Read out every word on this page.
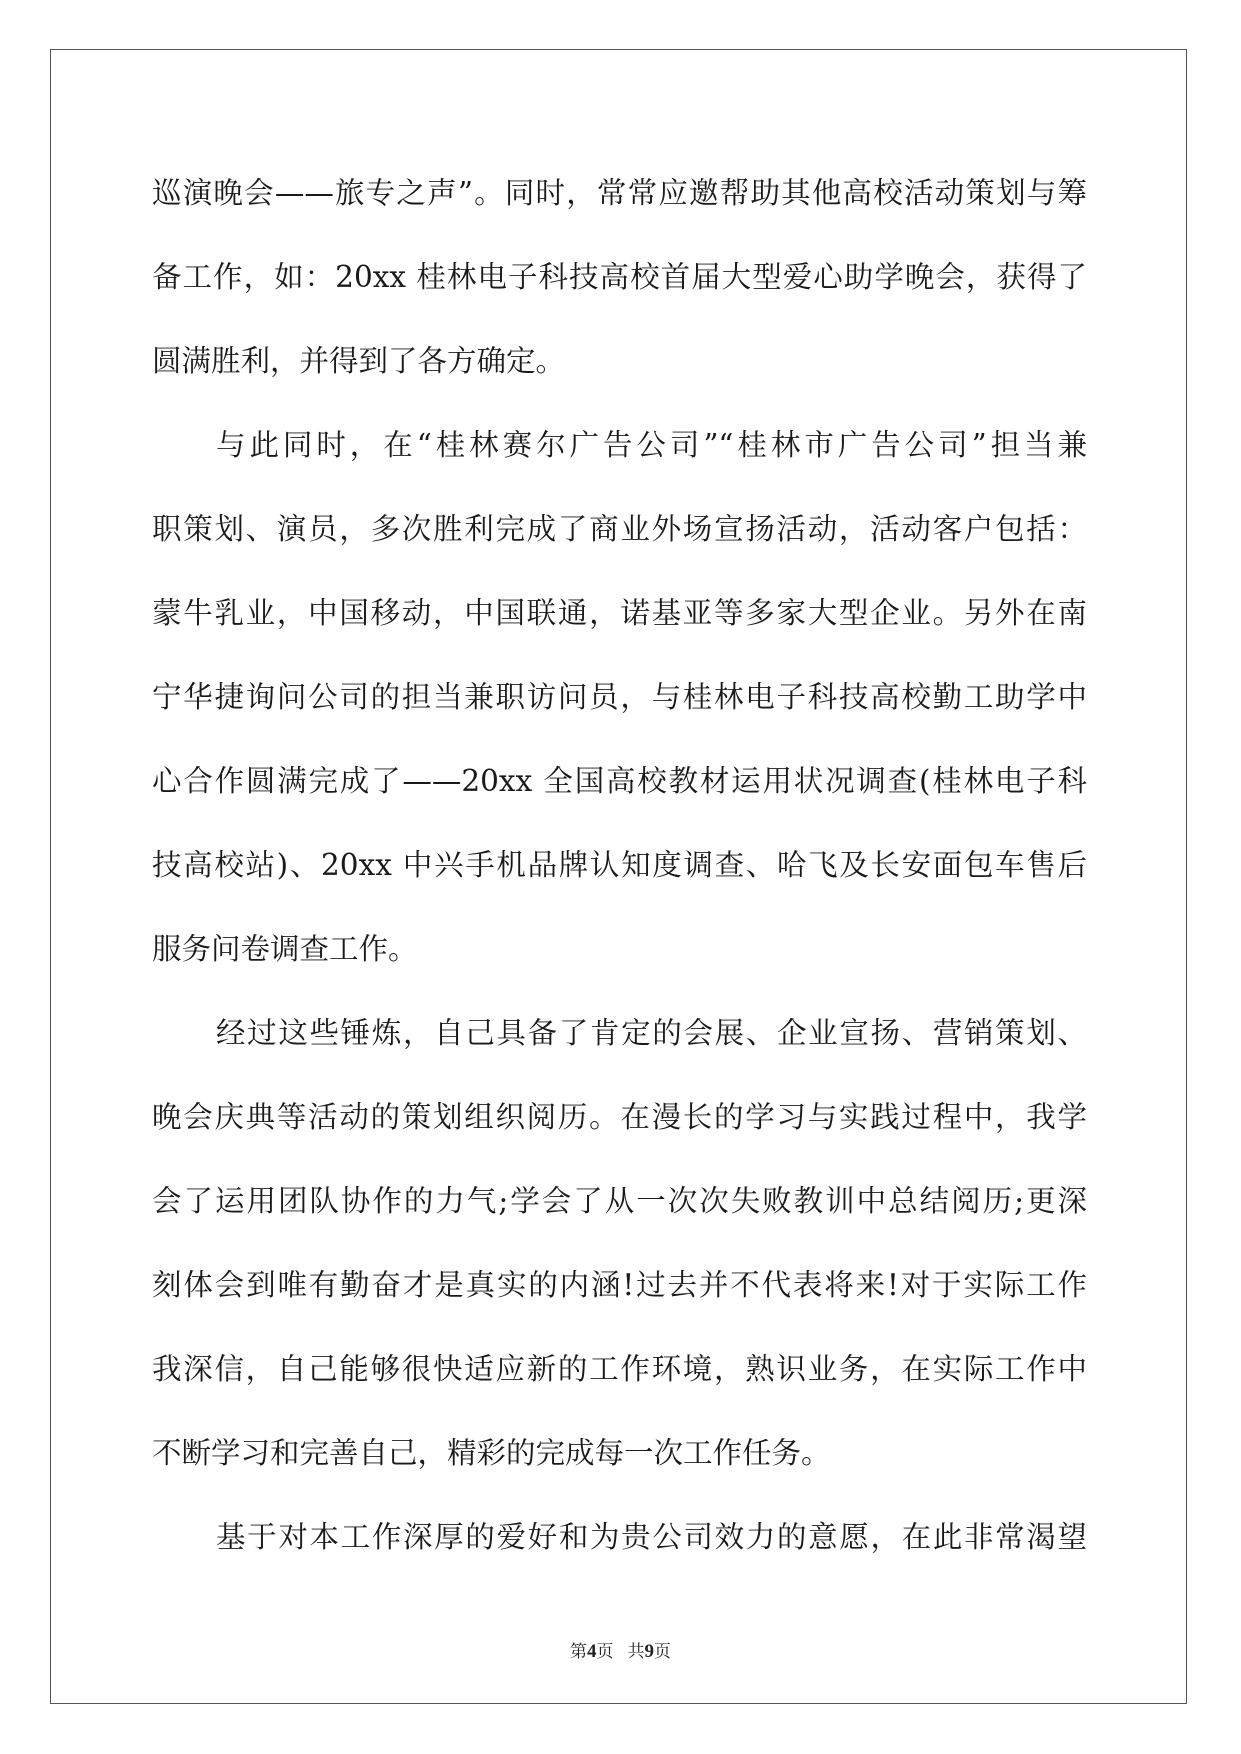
巡演晚会——旅专之声”。同时，常常应邀帮助其他高校活动策划与筹
备工作，如：20xx 桂林电子科技高校首届大型爱心助学晚会，获得了
圆满胜利，并得到了各方确定。
与此同时，在“桂林赛尔广告公司”“桂林市广告公司”担当兼
职策划、演员，多次胜利完成了商业外场宣扬活动，活动客户包括：
蒙牛乳业，中国移动，中国联通，诺基亚等多家大型企业。另外在南
宁华捷询问公司的担当兼职访问员，与桂林电子科技高校勤工助学中
心合作圆满完成了——20xx 全国高校教材运用状况调查(桂林电子科
技高校站)、20xx 中兴手机品牌认知度调查、哈飞及长安面包车售后
服务问卷调查工作。
经过这些锤炼，自己具备了肯定的会展、企业宣扬、营销策划、
晚会庆典等活动的策划组织阅历。在漫长的学习与实践过程中，我学
会了运用团队协作的力气;学会了从一次次失败教训中总结阅历;更深
刻体会到唯有勤奋才是真实的内涵!过去并不代表将来!对于实际工作
我深信，自己能够很快适应新的工作环境，熟识业务，在实际工作中
不断学习和完善自己，精彩的完成每一次工作任务。
基于对本工作深厚的爱好和为贵公司效力的意愿，在此非常渴望
第4页 共9页
